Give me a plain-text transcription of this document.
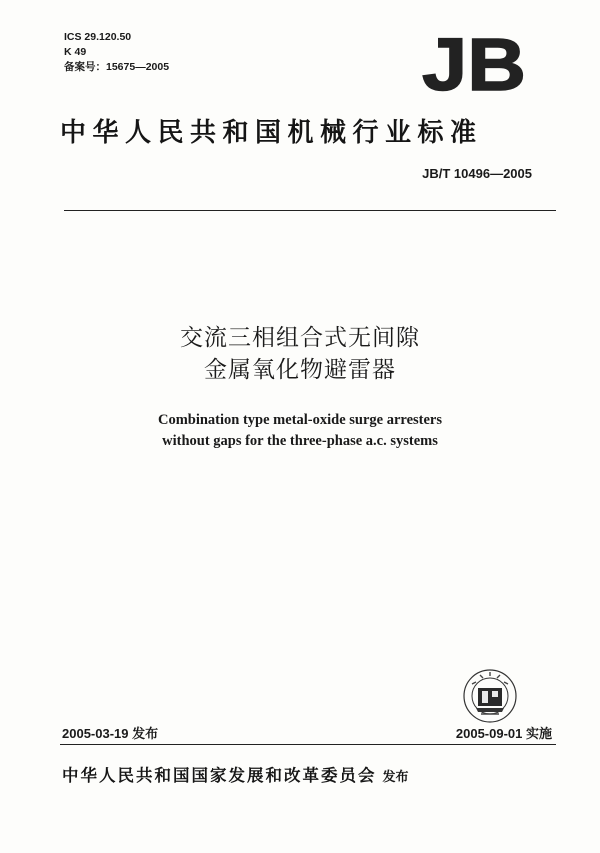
ICS 29.120.50
K 49
备案号：15675—2005	JB
中华人民共和国机械行业标准
JB/T 10496—2005
交流三相组合式无间隙
金属氧化物避雷器
Combination type metal-oxide surge arresters
without gaps for the three-phase a.c. systems
2005-03-19 发布	2005-09-01 实施
中华人民共和国国家发展和改革委员会 发布
